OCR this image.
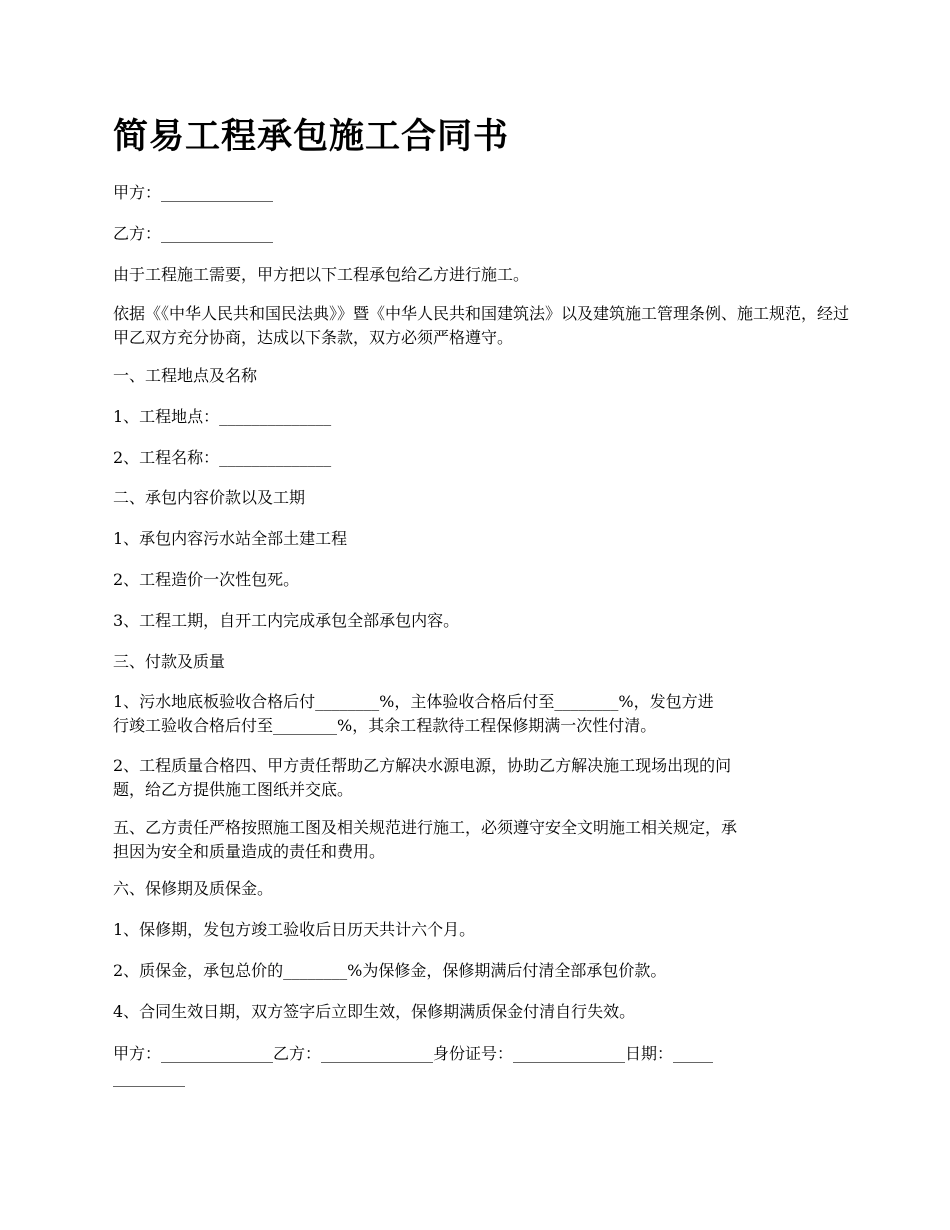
简易工程承包施工合同书

甲方：______________

乙方：______________

由于工程施工需要，甲方把以下工程承包给乙方进行施工。

依据《《中华人民共和国民法典》》暨《中华人民共和国建筑法》以及建筑施工管理条例、施工规范，经过甲乙双方充分协商，达成以下条款，双方必须严格遵守。

一、工程地点及名称

1、工程地点：______________

2、工程名称：______________

二、承包内容价款以及工期

1、承包内容污水站全部土建工程

2、工程造价一次性包死。

3、工程工期，自开工内完成承包全部承包内容。

三、付款及质量

1、污水地底板验收合格后付________%，主体验收合格后付至________%，发包方进
行竣工验收合格后付至________%，其余工程款待工程保修期满一次性付清。

2、工程质量合格四、甲方责任帮助乙方解决水源电源，协助乙方解决施工现场出现的问
题，给乙方提供施工图纸并交底。

五、乙方责任严格按照施工图及相关规范进行施工，必须遵守安全文明施工相关规定，承
担因为安全和质量造成的责任和费用。

六、保修期及质保金。

1、保修期，发包方竣工验收后日历天共计六个月。

2、质保金，承包总价的________%为保修金，保修期满后付清全部承包价款。

4、合同生效日期，双方签字后立即生效，保修期满质保金付清自行失效。

甲方：______________乙方：______________身份证号：______________日期：_____
_________
